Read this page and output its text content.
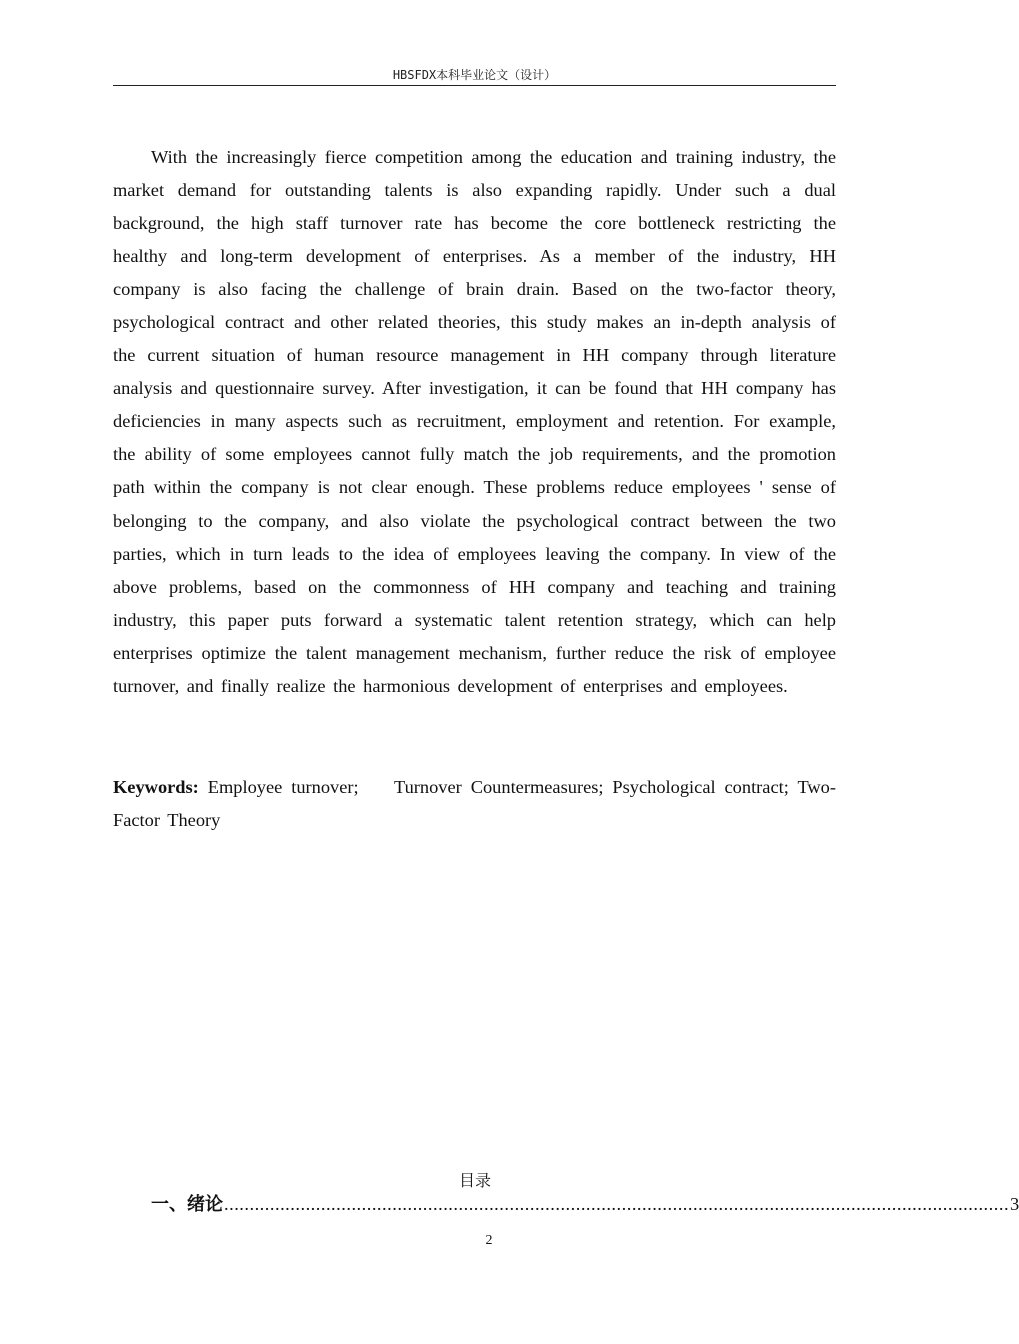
HBSFDX本科毕业论文（设计）

With the increasingly fierce competition among the education and training industry, the market demand for outstanding talents is also expanding rapidly. Under such a dual background, the high staff turnover rate has become the core bottleneck restricting the healthy and long-term development of enterprises. As a member of the industry, HH company is also facing the challenge of brain drain. Based on the two-factor theory, psychological contract and other related theories, this study makes an in-depth analysis of the current situation of human resource management in HH company through literature analysis and questionnaire survey. After investigation, it can be found that HH company has deficiencies in many aspects such as recruitment, employment and retention. For example, the ability of some employees cannot fully match the job requirements, and the promotion path within the company is not clear enough. These problems reduce employees ' sense of belonging to the company, and also violate the psychological contract between the two parties, which in turn leads to the idea of employees leaving the company. In view of the above problems, based on the commonness of HH company and teaching and training industry, this paper puts forward a systematic talent retention strategy, which can help enterprises optimize the talent management mechanism, further reduce the risk of employee turnover, and finally realize the harmonious development of enterprises and employees.

Keywords: Employee turnover;    Turnover Countermeasures; Psychological contract; Two-Factor Theory

目录
一、绪论 .......................................................................................................................................................... 3
2
